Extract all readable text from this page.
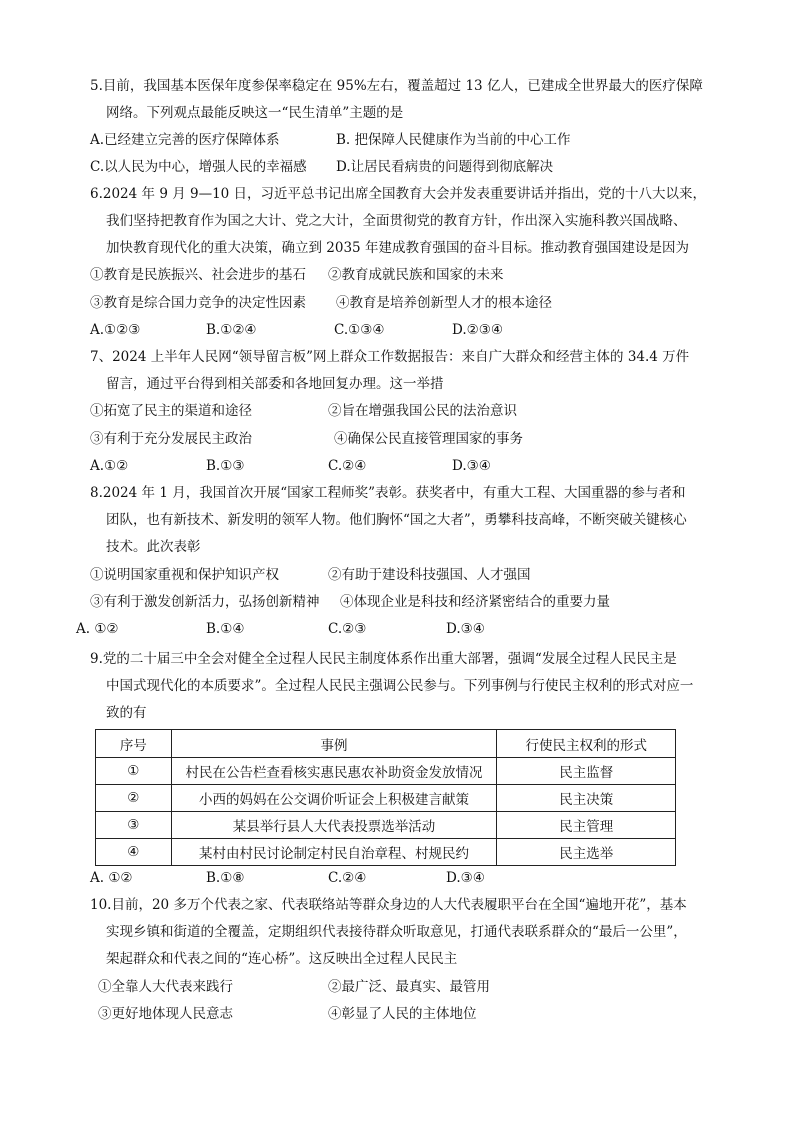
5.目前，我国基本医保年度参保率稳定在 95%左右，覆盖超过 13 亿人，已建成全世界最大的医疗保障
网络。下列观点最能反映这一“民生清单”主题的是
A.已经建立完善的医疗保障体系	B. 把保障人民健康作为当前的中心工作
C.以人民为中心，增强人民的幸福感 D.让居民看病贵的问题得到彻底解决
6.2024 年 9 月 9—10 日，习近平总书记出席全国教育大会并发表重要讲话并指出，党的十八大以来，
我们坚持把教育作为国之大计、党之大计，全面贯彻党的教育方针，作出深入实施科教兴国战略、
加快教育现代化的重大决策，确立到 2035 年建成教育强国的奋斗目标。推动教育强国建设是因为
①教育是民族振兴、社会进步的基石 ②教育成就民族和国家的未来
③教育是综合国力竞争的决定性因素 ④教育是培养创新型人才的根本途径
A.①②③	B.①②④	C.①③④	D.②③④
7、2024 上半年人民网“领导留言板”网上群众工作数据报告：来自广大群众和经营主体的 34.4 万件
留言，通过平台得到相关部委和各地回复办理。这一举措
①拓宽了民主的渠道和途径	②旨在增强我国公民的法治意识
③有利于充分发展民主政治	④确保公民直接管理国家的事务
A.①②	B.①③	C.②④	D.③④
8.2024 年 1 月，我国首次开展“国家工程师奖”表彰。获奖者中，有重大工程、大国重器的参与者和
团队，也有新技术、新发明的领军人物。他们胸怀“国之大者”，勇攀科技高峰，不断突破关键核心
技术。此次表彰
①说明国家重视和保护知识产权	②有助于建设科技强国、人才强国
③有利于激发创新活力，弘扬创新精神 ④体现企业是科技和经济紧密结合的重要力量
A. ①②	B.①④	C.②③	D.③④
9.党的二十届三中全会对健全全过程人民民主制度体系作出重大部署，强调“发展全过程人民民主是
中国式现代化的本质要求”。全过程人民民主强调公民参与。下列事例与行使民主权利的形式对应一
致的有
序号	事例	行使民主权利的形式
①	村民在公告栏查看核实惠民惠农补助资金发放情况	民主监督
②	小西的妈妈在公交调价听证会上积极建言献策	民主决策
③	某县举行县人大代表投票选举活动	民主管理
④	某村由村民讨论制定村民自治章程、村规民约	民主选举
A. ①②	B.①⑧	C.②④	D.③④
10.目前，20 多万个代表之家、代表联络站等群众身边的人大代表履职平台在全国“遍地开花”，基本
实现乡镇和街道的全覆盖，定期组织代表接待群众听取意见，打通代表联系群众的“最后一公里”，
架起群众和代表之间的“连心桥”。这反映出全过程人民民主
①全靠人大代表来践行	②最广泛、最真实、最管用
③更好地体现人民意志	④彰显了人民的主体地位
